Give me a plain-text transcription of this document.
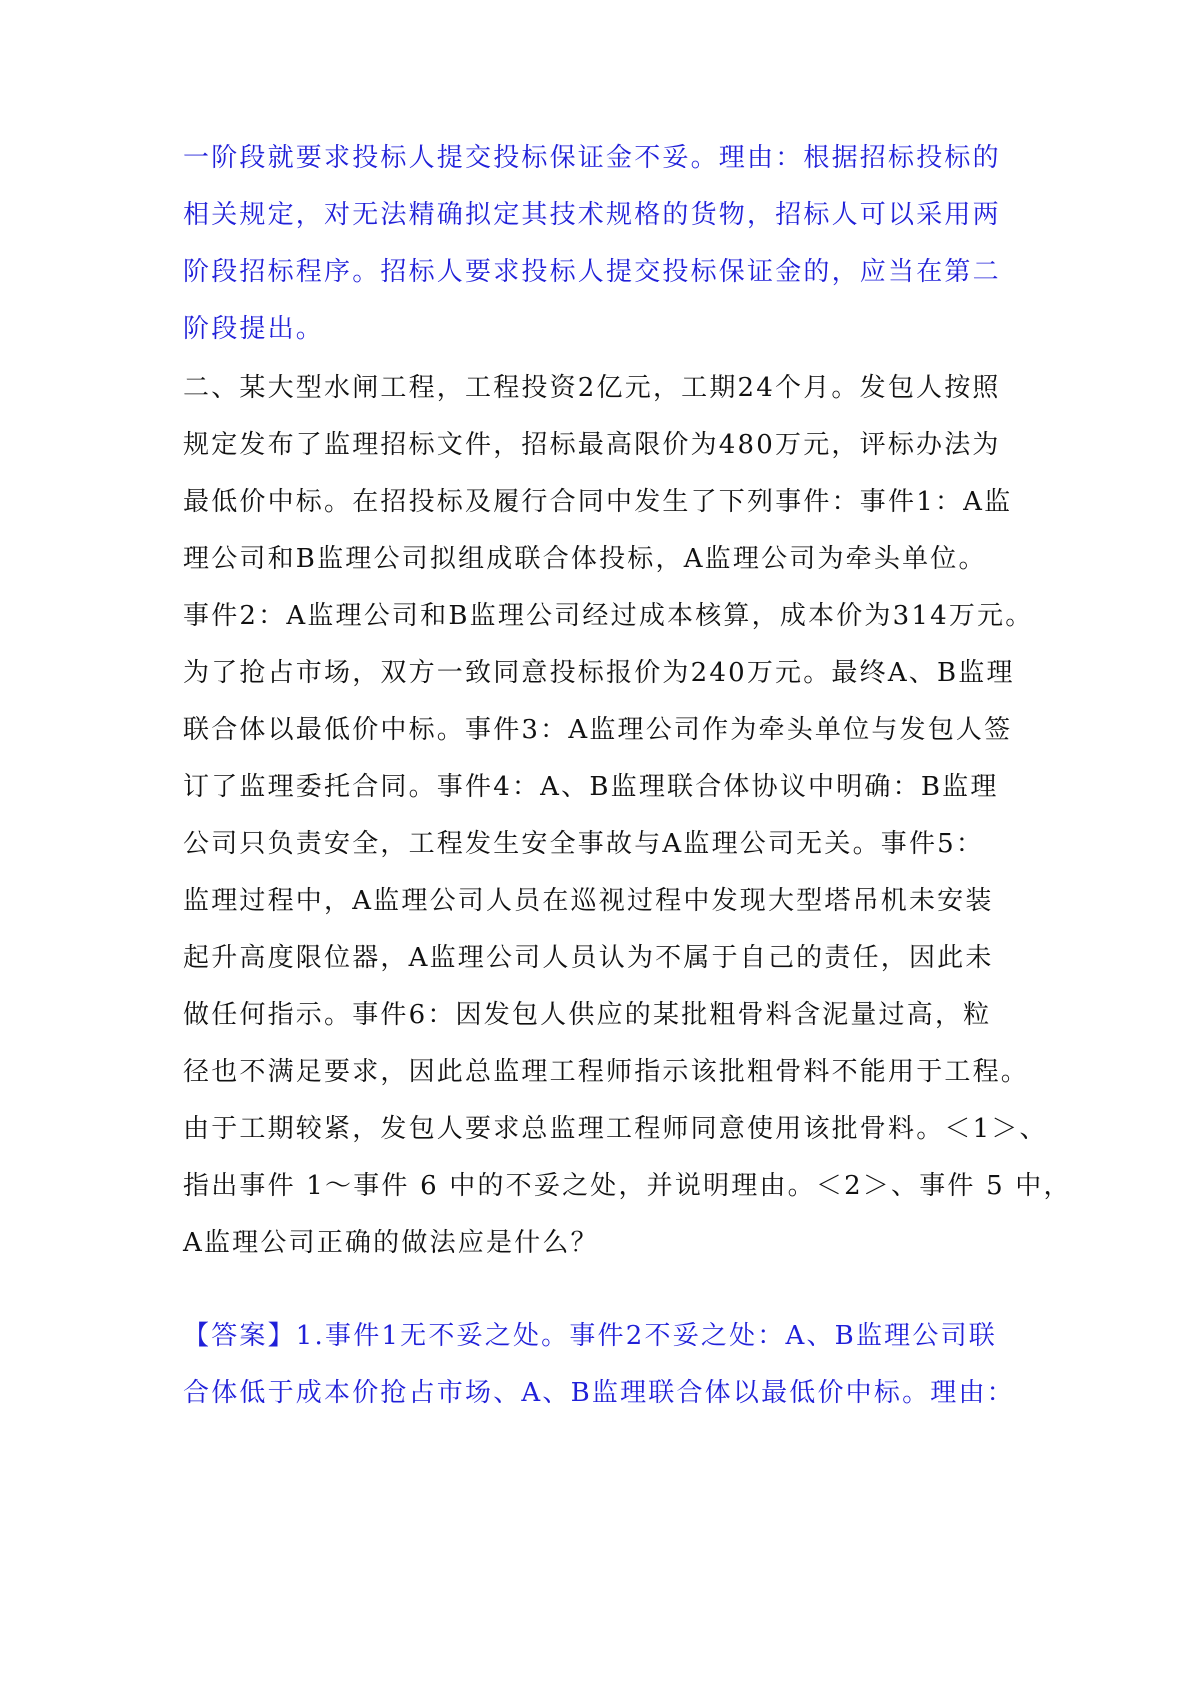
一阶段就要求投标人提交投标保证金不妥。理由：根据招标投标的
相关规定，对无法精确拟定其技术规格的货物，招标人可以采用两
阶段招标程序。招标人要求投标人提交投标保证金的，应当在第二
阶段提出。
二、某大型水闸工程，工程投资2亿元，工期24个月。发包人按照
规定发布了监理招标文件，招标最高限价为480万元，评标办法为
最低价中标。在招投标及履行合同中发生了下列事件：事件1：A监
理公司和B监理公司拟组成联合体投标，A监理公司为牵头单位。
事件2：A监理公司和B监理公司经过成本核算，成本价为314万元。
为了抢占市场，双方一致同意投标报价为240万元。最终A、B监理
联合体以最低价中标。事件3：A监理公司作为牵头单位与发包人签
订了监理委托合同。事件4：A、B监理联合体协议中明确：B监理
公司只负责安全，工程发生安全事故与A监理公司无关。事件5：
监理过程中，A监理公司人员在巡视过程中发现大型塔吊机未安装
起升高度限位器，A监理公司人员认为不属于自己的责任，因此未
做任何指示。事件6：因发包人供应的某批粗骨料含泥量过高，粒
径也不满足要求，因此总监理工程师指示该批粗骨料不能用于工程。
由于工期较紧，发包人要求总监理工程师同意使用该批骨料。＜1＞、
指出事件 1～事件 6 中的不妥之处，并说明理由。＜2＞、事件 5 中，
A监理公司正确的做法应是什么？
【答案】1.事件1无不妥之处。事件2不妥之处：A、B监理公司联
合体低于成本价抢占市场、A、B监理联合体以最低价中标。理由：
